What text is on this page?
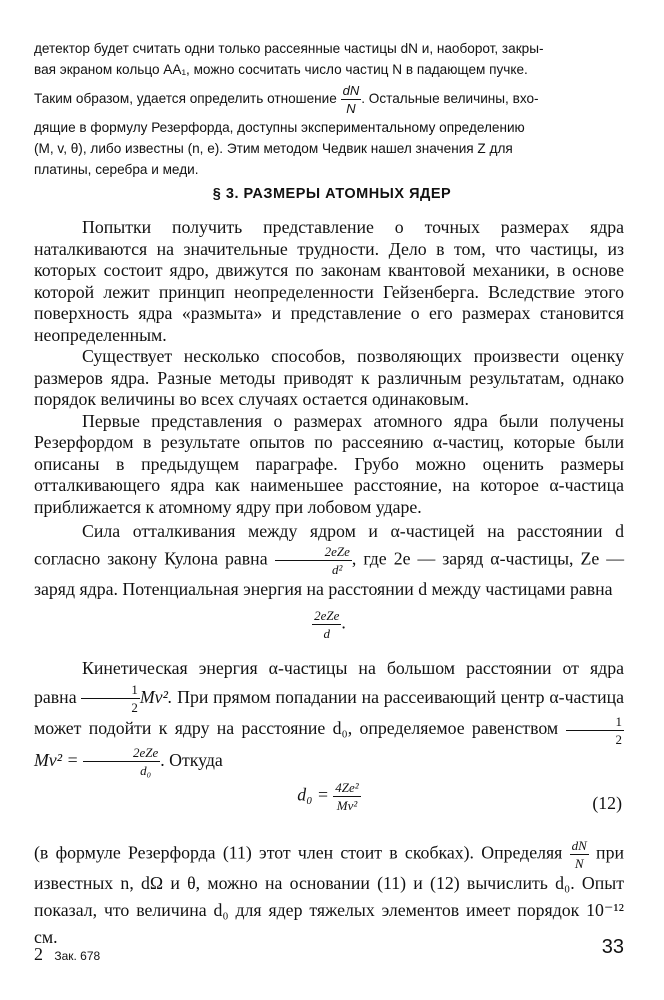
детектор будет считать одни только рассеянные частицы dN и, наоборот, закры-

вая экраном кольцо AA₁, можно сосчитать число частиц N в падающем пучке.

Таким образом, удается определить отношение $\frac{dN}{N}$ . Остальные величины, вхо-

дящие в формулу Резерфорда, доступны экспериментальному определению

(M, v, θ), либо известны (n, e). Этим методом Чедвик нашел значения Z для

платины, серебра и меди.

§ 3. РАЗМЕРЫ АТОМНЫХ ЯДЕР

Попытки получить представление о точных размерах ядра наталкиваются на значительные трудности. Дело в том, что частицы, из которых состоит ядро, движутся по законам квантовой механики, в основе которой лежит принцип неопределенности Гейзенберга. Вследствие этого поверхность ядра «размыта» и представление о его размерах становится неопределенным.

Существует несколько способов, позволяющих произвести оценку размеров ядра. Разные методы приводят к различным результатам, однако порядок величины во всех случаях остается одинаковым.

Первые представления о размерах атомного ядра были получены Резерфордом в результате опытов по рассеянию α-частиц, которые были описаны в предыдущем параграфе. Грубо можно оценить размеры отталкивающего ядра как наименьшее расстояние, на которое α-частица приближается к атомному ядру при лобовом ударе.

Сила отталкивания между ядром и α-частицей на расстоянии d согласно закону Кулона равна $\frac{\text{2eZe}}{\text{d²}}$ , где 2e — заряд α-частицы, Ze — заряд ядра. Потенциальная энергия на расстоянии d между частицами равна

$\frac{\text{2eZe}}{d}$ .

Кинетическая энергия α-частицы на большом расстоянии от ядра равна $\frac{1}{2} Mv^2$. При прямом попадании на рассеивающий центр α-частица может подойти к ядру на расстояние d₀, определяемое равенством $\frac{1}{2}$
$Mv^2 = \frac{\text{2eZe}}{\text{d₀}}$ . Откуда

$d_0 = \frac{\text{4Ze²}}{\text{Mv²}}$	(12)

(в формуле Резерфорда (11) этот член стоит в скобках). Определяя $\frac{dN}{N}$ при известных n, dΩ и θ, можно на основании (11) и (12) вычислить d₀. Опыт показал, что величина d₀ для ядер тяжелых элементов имеет порядок 10⁻¹² см.

2 Зак. 678	33
